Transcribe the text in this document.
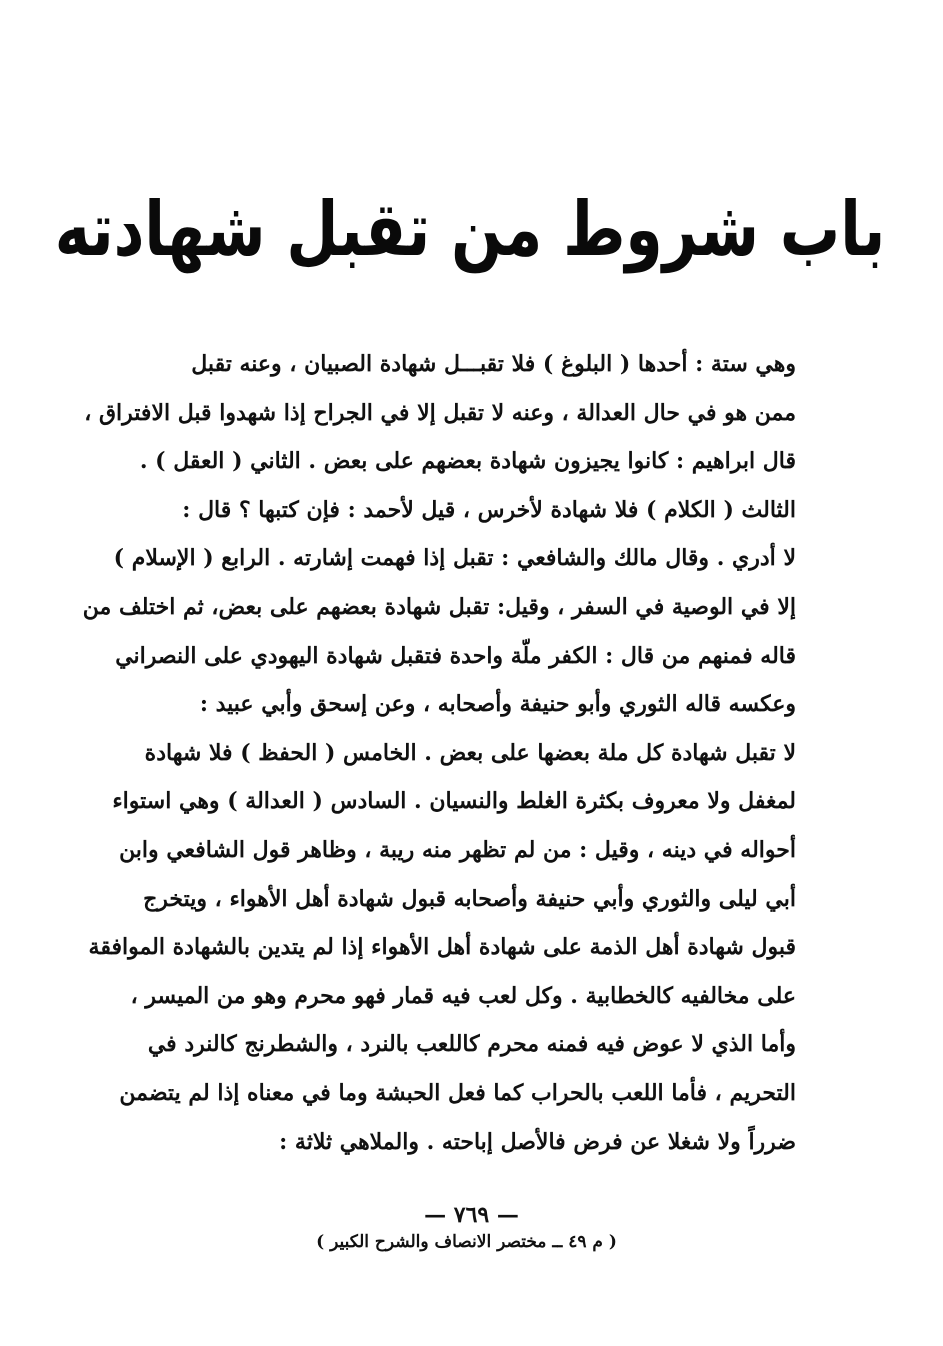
باب شروط من تقبل شهادته
وهي ستة : أحدها ( البلوغ ) فلا تقبـــل شهادة الصبيان ، وعنه تقبل
ممن هو في حال العدالة ، وعنه لا تقبل إلا في الجراح إذا شهدوا قبل الافتراق ،
قال ابراهيم : كانوا يجيزون شهادة بعضهم على بعض . الثاني ( العقل ) .
الثالث ( الكلام ) فلا شهادة لأخرس ، قيل لأحمد : فإن كتبها ؟ قال :
لا أدري . وقال مالك والشافعي : تقبل إذا فهمت إشارته . الرابع ( الإسلام )
إلا في الوصية في السفر ، وقيل: تقبل شهادة بعضهم على بعض، ثم اختلف من
قاله فمنهم من قال : الكفر ملّة واحدة فتقبل شهادة اليهودي على النصراني
وعكسه قاله الثوري وأبو حنيفة وأصحابه ، وعن إسحق وأبي عبيد :
لا تقبل شهادة كل ملة بعضها على بعض . الخامس ( الحفظ ) فلا شهادة
لمغفل ولا معروف بكثرة الغلط والنسيان . السادس ( العدالة ) وهي استواء
أحواله في دينه ، وقيل : من لم تظهر منه ريبة ، وظاهر قول الشافعي وابن
أبي ليلى والثوري وأبي حنيفة وأصحابه قبول شهادة أهل الأهواء ، ويتخرج
قبول شهادة أهل الذمة على شهادة أهل الأهواء إذا لم يتدين بالشهادة الموافقة
على مخالفيه كالخطابية . وكل لعب فيه قمار فهو محرم وهو من الميسر ،
وأما الذي لا عوض فيه فمنه محرم كاللعب بالنرد ، والشطرنج كالنرد في
التحريم ، فأما اللعب بالحراب كما فعل الحبشة وما في معناه إذا لم يتضمن
ضرراً ولا شغلا عن فرض فالأصل إباحته . والملاهي ثلاثة :
— ٧٦٩ —
( م ٤٩ ــ مختصر الانصاف والشرح الكبير )
